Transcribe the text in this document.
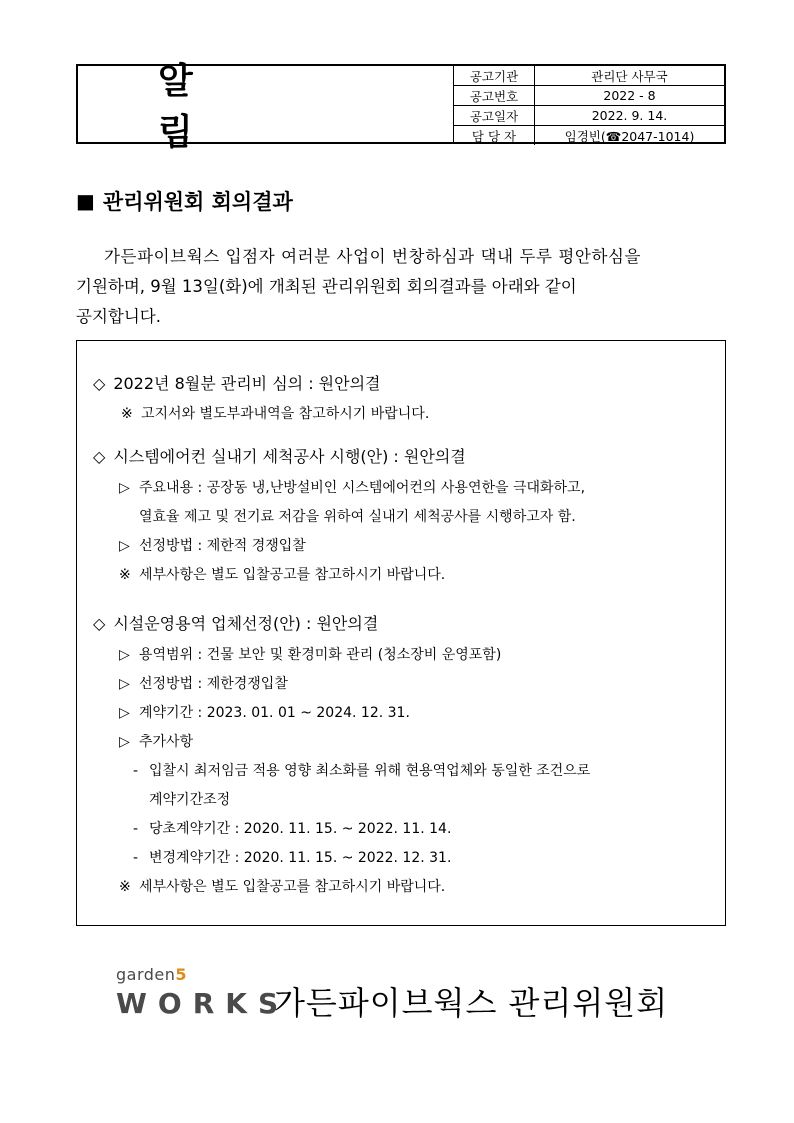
알 림
공고기관	관리단 사무국
공고번호	2022 - 8
공고일자	2022. 9. 14.
담 당 자	임경빈(☎2047-1014)
■ 관리위원회 회의결과

가든파이브웍스 입점자 여러분 사업이 번창하심과 댁내 두루 평안하심을

기원하며, 9월 13일(화)에 개최된 관리위원회 회의결과를 아래와 같이

공지합니다.

◇ 2022년 8월분 관리비 심의 : 원안의결
※ 고지서와 별도부과내역을 참고하시기 바랍니다.
◇ 시스템에어컨 실내기 세척공사 시행(안) : 원안의결
▷ 주요내용 : 공장동 냉,난방설비인 시스템에어컨의 사용연한을 극대화하고,
열효율 제고 및 전기료 저감을 위하여 실내기 세척공사를 시행하고자 함.
▷ 선정방법 : 제한적 경쟁입찰
※ 세부사항은 별도 입찰공고를 참고하시기 바랍니다.
◇ 시설운영용역 업체선정(안) : 원안의결
▷ 용역범위 : 건물 보안 및 환경미화 관리 (청소장비 운영포함)
▷ 선정방법 : 제한경쟁입찰
▷ 계약기간 : 2023. 01. 01 ~ 2024. 12. 31.
▷ 추가사항
- 입찰시 최저임금 적용 영향 최소화를 위해 현용역업체와 동일한 조건으로
계약기간조정
- 당초계약기간 : 2020. 11. 15. ~ 2022. 11. 14.
- 변경계약기간 : 2020. 11. 15. ~ 2022. 12. 31.
※ 세부사항은 별도 입찰공고를 참고하시기 바랍니다.
garden5
WORKS
가든파이브웍스 관리위원회
